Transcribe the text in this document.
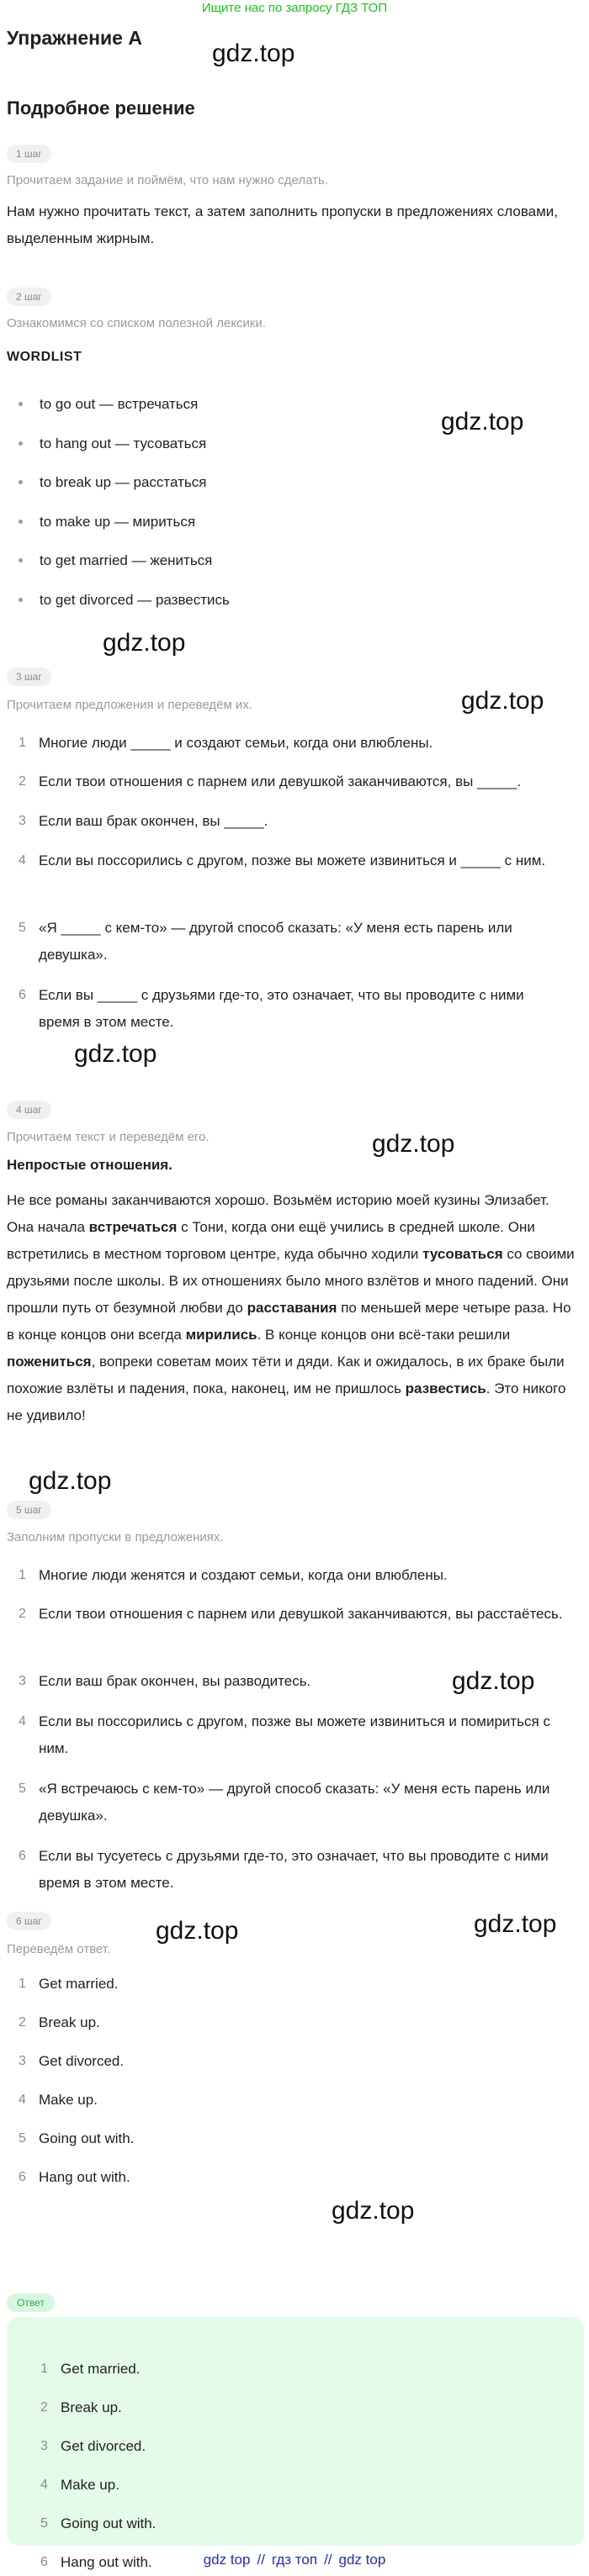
Ищите нас по запросу ГДЗ ТОП
Упражнение A
Подробное решение
gdz.top
gdz.top
gdz.top
gdz.top
gdz.top
gdz.top
gdz.top
gdz.top
gdz.top
gdz.top
gdz.top
1 шаг
Прочитаем задание и поймём, что нам нужно сделать.
Нам нужно прочитать текст, а затем заполнить пропуски в предложениях словами, выделенным жирным.
2 шаг
Ознакомимся со списком полезной лексики.
WORDLIST
to go out — встречаться
to hang out — тусоваться
to break up — расстаться
to make up — мириться
to get married — жениться
to get divorced — развестись
3 шаг
Прочитаем предложения и переведём их.
1 Многие люди _____ и создают семьи, когда они влюблены.
2 Если твои отношения с парнем или девушкой заканчиваются, вы _____.
3 Если ваш брак окончен, вы _____.
4 Если вы поссорились с другом, позже вы можете извиниться и _____ с ним.
5 «Я _____ с кем-то» — другой способ сказать: «У меня есть парень или девушка».
6 Если вы _____ с друзьями где-то, это означает, что вы проводите с ними время в этом месте.
4 шаг
Прочитаем текст и переведём его.
Непростые отношения.
Не все романы заканчиваются хорошо. Возьмём историю моей кузины Элизабет. Она начала встречаться с Тони, когда они ещё учились в средней школе. Они встретились в местном торговом центре, куда обычно ходили тусоваться со своими друзьями после школы. В их отношениях было много взлётов и много падений. Они прошли путь от безумной любви до расставания по меньшей мере четыре раза. Но в конце концов они всегда мирились. В конце концов они всё-таки решили пожениться, вопреки советам моих тёти и дяди. Как и ожидалось, в их браке были похожие взлёты и падения, пока, наконец, им не пришлось развестись. Это никого не удивило!
5 шаг
Заполним пропуски в предложениях.
1 Многие люди женятся и создают семьи, когда они влюблены.
2 Если твои отношения с парнем или девушкой заканчиваются, вы расстаётесь.
3 Если ваш брак окончен, вы разводитесь.
4 Если вы поссорились с другом, позже вы можете извиниться и помириться с ним.
5 «Я встречаюсь с кем-то» — другой способ сказать: «У меня есть парень или девушка».
6 Если вы тусуетесь с друзьями где-то, это означает, что вы проводите с ними время в этом месте.
6 шаг
Переведём ответ.
1 Get married.
2 Break up.
3 Get divorced.
4 Make up.
5 Going out with.
6 Hang out with.
Ответ
1 Get married.
2 Break up.
3 Get divorced.
4 Make up.
5 Going out with.
6 Hang out with.	gdz top // гдз топ // gdz top
